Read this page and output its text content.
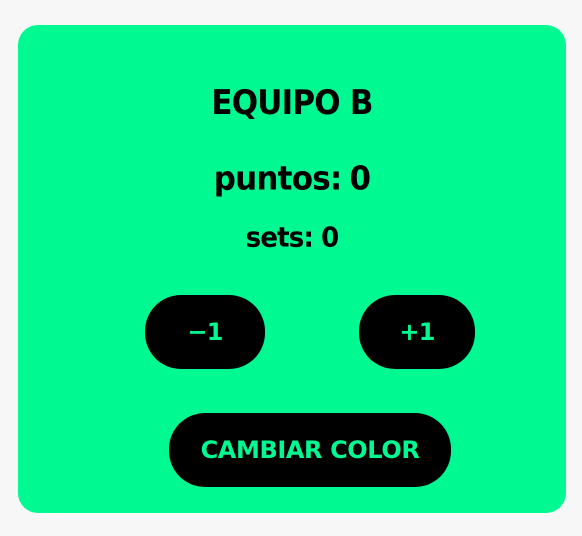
EQUIPO B
puntos: 0
sets: 0
−1	+1
CAMBIAR COLOR
